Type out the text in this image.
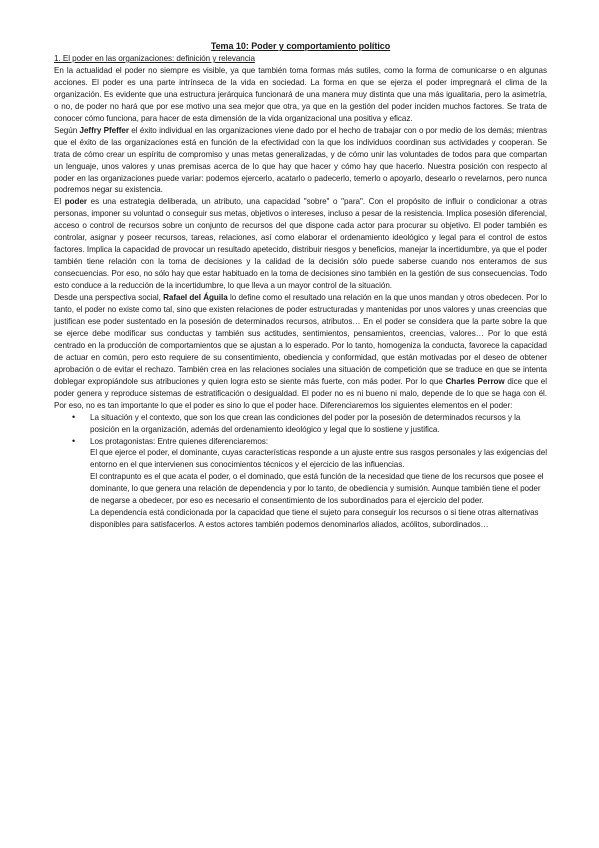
Tema 10: Poder y comportamiento político

1. El poder en las organizaciones: definición y relevancia

En la actualidad el poder no siempre es visible, ya que también toma formas más sutiles, como la forma de comunicarse o en algunas acciones. El poder es una parte intrínseca de la vida en sociedad. La forma en que se ejerza el poder impregnará el clima de la organización. Es evidente que una estructura jerárquica funcionará de una manera muy distinta que una más igualitaria, pero la asimetría, o no, de poder no hará que por ese motivo una sea mejor que otra, ya que en la gestión del poder inciden muchos factores. Se trata de conocer cómo funciona, para hacer de esta dimensión de la vida organizacional una positiva y eficaz.

Según Jeffry Pfeffer el éxito individual en las organizaciones viene dado por el hecho de trabajar con o por medio de los demás; mientras que el éxito de las organizaciones está en función de la efectividad con la que los individuos coordinan sus actividades y cooperan. Se trata de cómo crear un espíritu de compromiso y unas metas generalizadas, y de cómo unir las voluntades de todos para que compartan un lenguaje, unos valores y unas premisas acerca de lo que hay que hacer y cómo hay que hacerlo. Nuestra posición con respecto al poder en las organizaciones puede variar: podemos ejercerlo, acatarlo o padecerlo, temerlo o apoyarlo, desearlo o revelarnos, pero nunca podremos negar su existencia.

El poder es una estrategia deliberada, un atributo, una capacidad "sobre" o "para". Con el propósito de influir o condicionar a otras personas, imponer su voluntad o conseguir sus metas, objetivos o intereses, incluso a pesar de la resistencia. Implica posesión diferencial, acceso o control de recursos sobre un conjunto de recursos del que dispone cada actor para procurar su objetivo. El poder también es controlar, asignar y poseer recursos, tareas, relaciones, así como elaborar el ordenamiento ideológico y legal para el control de estos factores. Implica la capacidad de provocar un resultado apetecido, distribuir riesgos y beneficios, manejar la incertidumbre, ya que el poder también tiene relación con la toma de decisiones y la calidad de la decisión sólo puede saberse cuando nos enteramos de sus consecuencias. Por eso, no sólo hay que estar habituado en la toma de decisiones sino también en la gestión de sus consecuencias. Todo esto conduce a la reducción de la incertidumbre, lo que lleva a un mayor control de la situación.

Desde una perspectiva social, Rafael del Águila lo define como el resultado una relación en la que unos mandan y otros obedecen. Por lo tanto, el poder no existe como tal, sino que existen relaciones de poder estructuradas y mantenidas por unos valores y unas creencias que justifican ese poder sustentado en la posesión de determinados recursos, atributos… En el poder se considera que la parte sobre la que se ejerce debe modificar sus conductas y también sus actitudes, sentimientos, pensamientos, creencias, valores… Por lo que está centrado en la producción de comportamientos que se ajustan a lo esperado. Por lo tanto, homogeniza la conducta, favorece la capacidad de actuar en común, pero esto requiere de su consentimiento, obediencia y conformidad, que están motivadas por el deseo de obtener aprobación o de evitar el rechazo. También crea en las relaciones sociales una situación de competición que se traduce en que se intenta doblegar expropiándole sus atribuciones y quien logra esto se siente más fuerte, con más poder. Por lo que Charles Perrow dice que el poder genera y reproduce sistemas de estratificación o desigualdad. El poder no es ni bueno ni malo, depende de lo que se haga con él. Por eso, no es tan importante lo que el poder es sino lo que el poder hace. Diferenciaremos los siguientes elementos en el poder:

• La situación y el contexto, que son los que crean las condiciones del poder por la posesión de determinados recursos y la posición en la organización, además del ordenamiento ideológico y legal que lo sostiene y justifica.

• Los protagonistas: Entre quienes diferenciaremos:

El que ejerce el poder, el dominante, cuyas características responde a un ajuste entre sus rasgos personales y las exigencias del entorno en el que intervienen sus conocimientos técnicos y el ejercicio de las influencias.

El contrapunto es el que acata el poder, o el dominado, que está función de la necesidad que tiene de los recursos que posee el dominante, lo que genera una relación de dependencia y por lo tanto, de obediencia y sumisión. Aunque también tiene el poder de negarse a obedecer, por eso es necesario el consentimiento de los subordinados para el ejercicio del poder.

La dependencia está condicionada por la capacidad que tiene el sujeto para conseguir los recursos o si tiene otras alternativas disponibles para satisfacerlos. A estos actores también podemos denominarlos aliados, acólitos, subordinados…
